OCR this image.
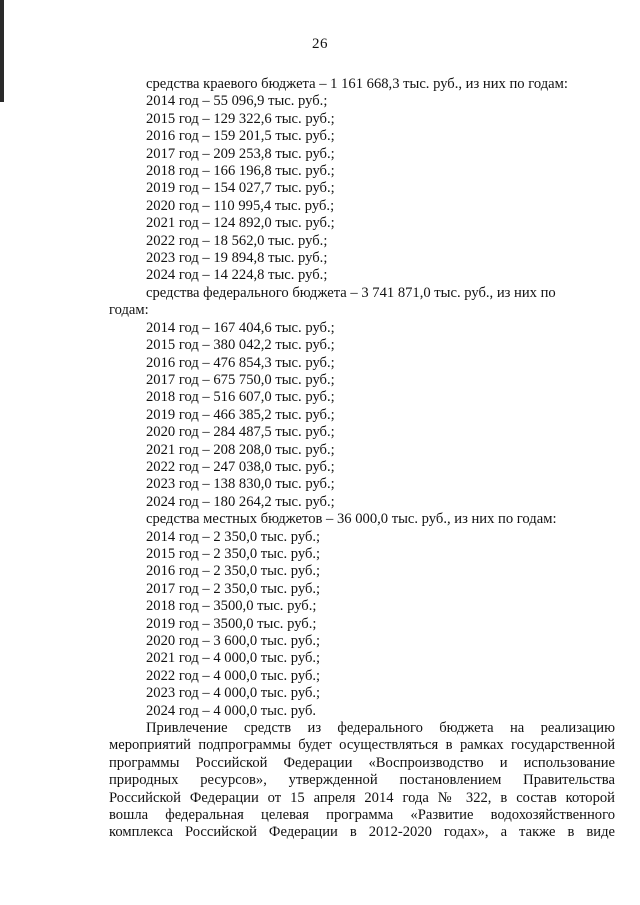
26
средства краевого бюджета – 1 161 668,3 тыс. руб., из них по годам:
2014 год – 55 096,9 тыс. руб.;
2015 год – 129 322,6 тыс. руб.;
2016 год – 159 201,5 тыс. руб.;
2017 год – 209 253,8 тыс. руб.;
2018 год – 166 196,8 тыс. руб.;
2019 год – 154 027,7 тыс. руб.;
2020 год – 110 995,4 тыс. руб.;
2021 год – 124 892,0 тыс. руб.;
2022 год – 18 562,0 тыс. руб.;
2023 год – 19 894,8 тыс. руб.;
2024 год – 14 224,8 тыс. руб.;
средства федерального бюджета – 3 741 871,0 тыс. руб., из них по
годам:
2014 год – 167 404,6 тыс. руб.;
2015 год – 380 042,2 тыс. руб.;
2016 год – 476 854,3 тыс. руб.;
2017 год – 675 750,0 тыс. руб.;
2018 год – 516 607,0 тыс. руб.;
2019 год – 466 385,2 тыс. руб.;
2020 год – 284 487,5 тыс. руб.;
2021 год – 208 208,0 тыс. руб.;
2022 год – 247 038,0 тыс. руб.;
2023 год – 138 830,0 тыс. руб.;
2024 год – 180 264,2 тыс. руб.;
средства местных бюджетов – 36 000,0 тыс. руб., из них по годам:
2014 год – 2 350,0 тыс. руб.;
2015 год – 2 350,0 тыс. руб.;
2016 год – 2 350,0 тыс. руб.;
2017 год – 2 350,0 тыс. руб.;
2018 год – 3500,0 тыс. руб.;
2019 год – 3500,0 тыс. руб.;
2020 год – 3 600,0 тыс. руб.;
2021 год – 4 000,0 тыс. руб.;
2022 год – 4 000,0 тыс. руб.;
2023 год – 4 000,0 тыс. руб.;
2024 год – 4 000,0 тыс. руб.
Привлечение средств из федерального бюджета на реализацию
мероприятий подпрограммы будет осуществляться в рамках государственной
программы Российской Федерации «Воспроизводство и использование
природных ресурсов», утвержденной постановлением Правительства
Российской Федерации от 15 апреля 2014 года № 322, в состав которой
вошла федеральная целевая программа «Развитие водохозяйственного
комплекса Российской Федерации в 2012-2020 годах», а также в виде
